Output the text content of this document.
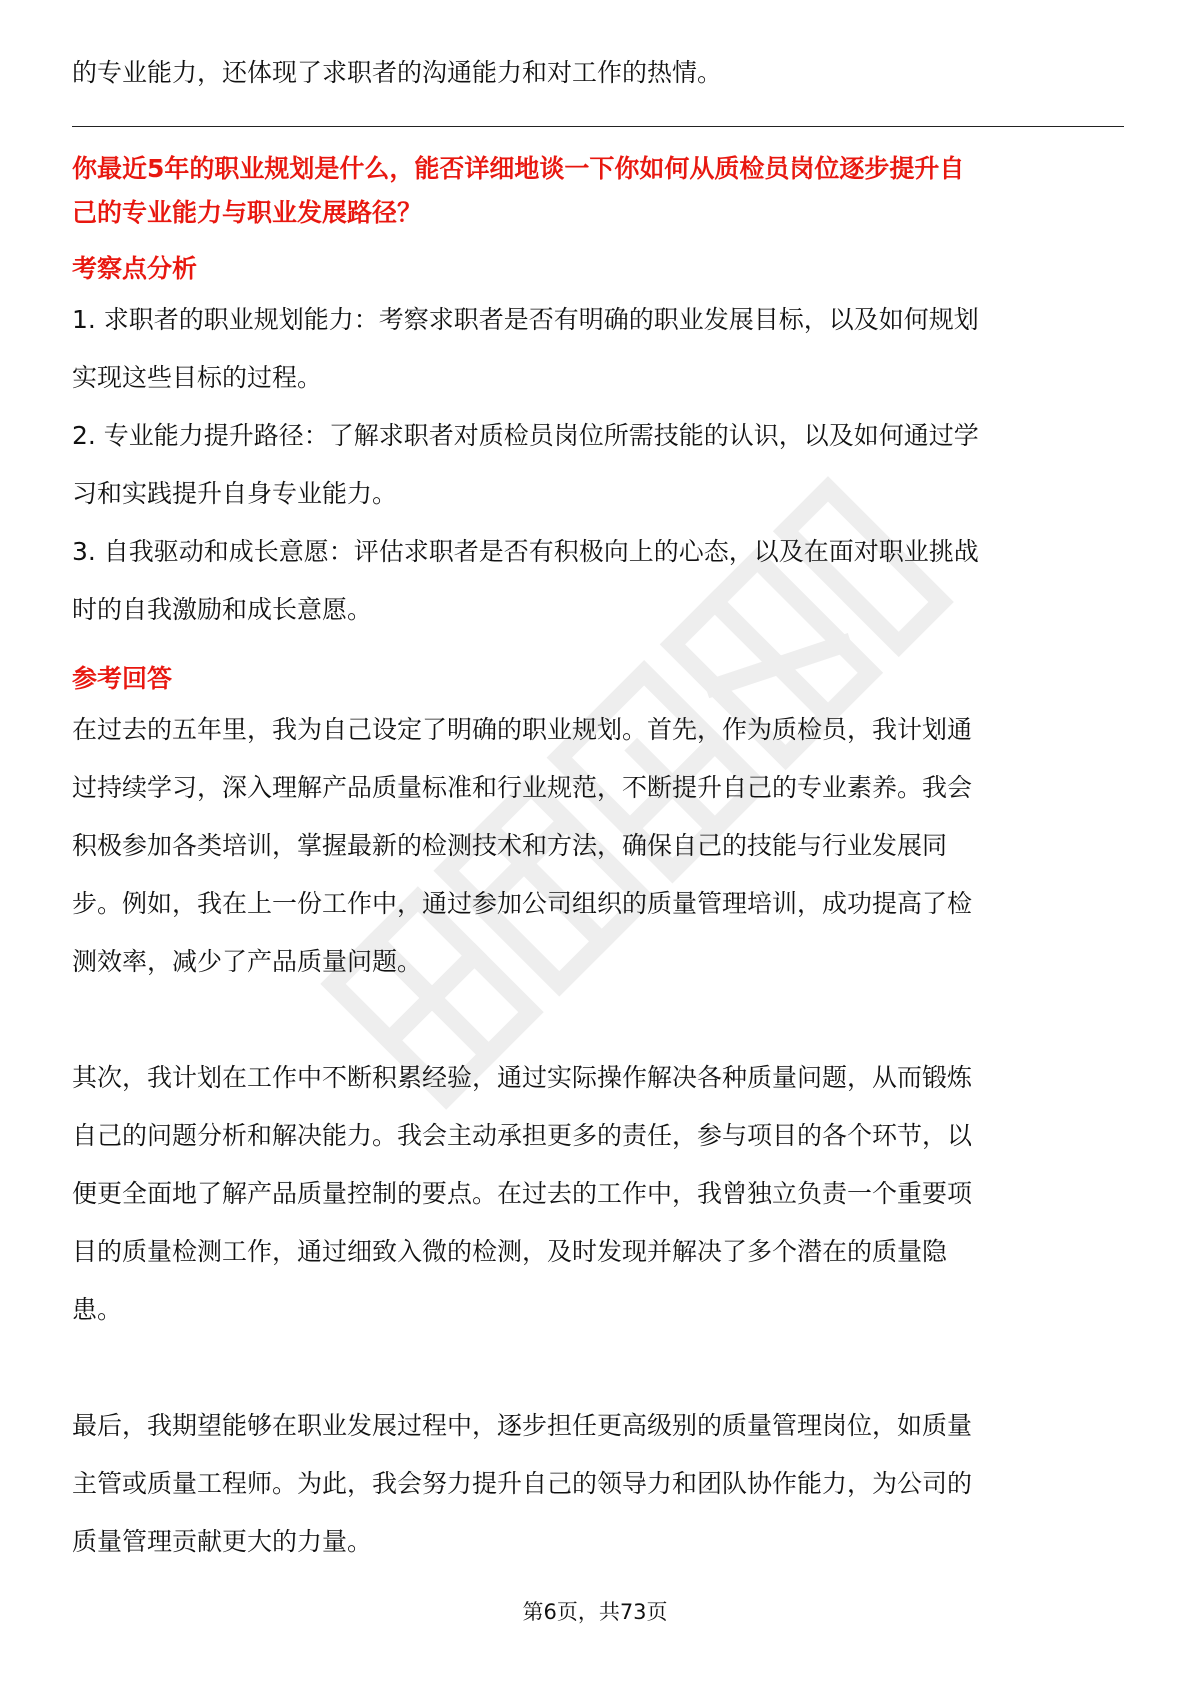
的专业能力，还体现了求职者的沟通能力和对工作的热情。

你最近5年的职业规划是什么，能否详细地谈一下你如何从质检员岗位逐步提升自

己的专业能力与职业发展路径？

考察点分析

1. 求职者的职业规划能力：考察求职者是否有明确的职业发展目标，以及如何规划

实现这些目标的过程。

2. 专业能力提升路径：了解求职者对质检员岗位所需技能的认识，以及如何通过学

习和实践提升自身专业能力。

3. 自我驱动和成长意愿：评估求职者是否有积极向上的心态，以及在面对职业挑战

时的自我激励和成长意愿。

参考回答

在过去的五年里，我为自己设定了明确的职业规划。首先，作为质检员，我计划通

过持续学习，深入理解产品质量标准和行业规范，不断提升自己的专业素养。我会

积极参加各类培训，掌握最新的检测技术和方法，确保自己的技能与行业发展同

步。例如，我在上一份工作中，通过参加公司组织的质量管理培训，成功提高了检

测效率，减少了产品质量问题。

其次，我计划在工作中不断积累经验，通过实际操作解决各种质量问题，从而锻炼

自己的问题分析和解决能力。我会主动承担更多的责任，参与项目的各个环节，以

便更全面地了解产品质量控制的要点。在过去的工作中，我曾独立负责一个重要项

目的质量检测工作，通过细致入微的检测，及时发现并解决了多个潜在的质量隐

患。

最后，我期望能够在职业发展过程中，逐步担任更高级别的质量管理岗位，如质量

主管或质量工程师。为此，我会努力提升自己的领导力和团队协作能力，为公司的

质量管理贡献更大的力量。

第6页，共73页
